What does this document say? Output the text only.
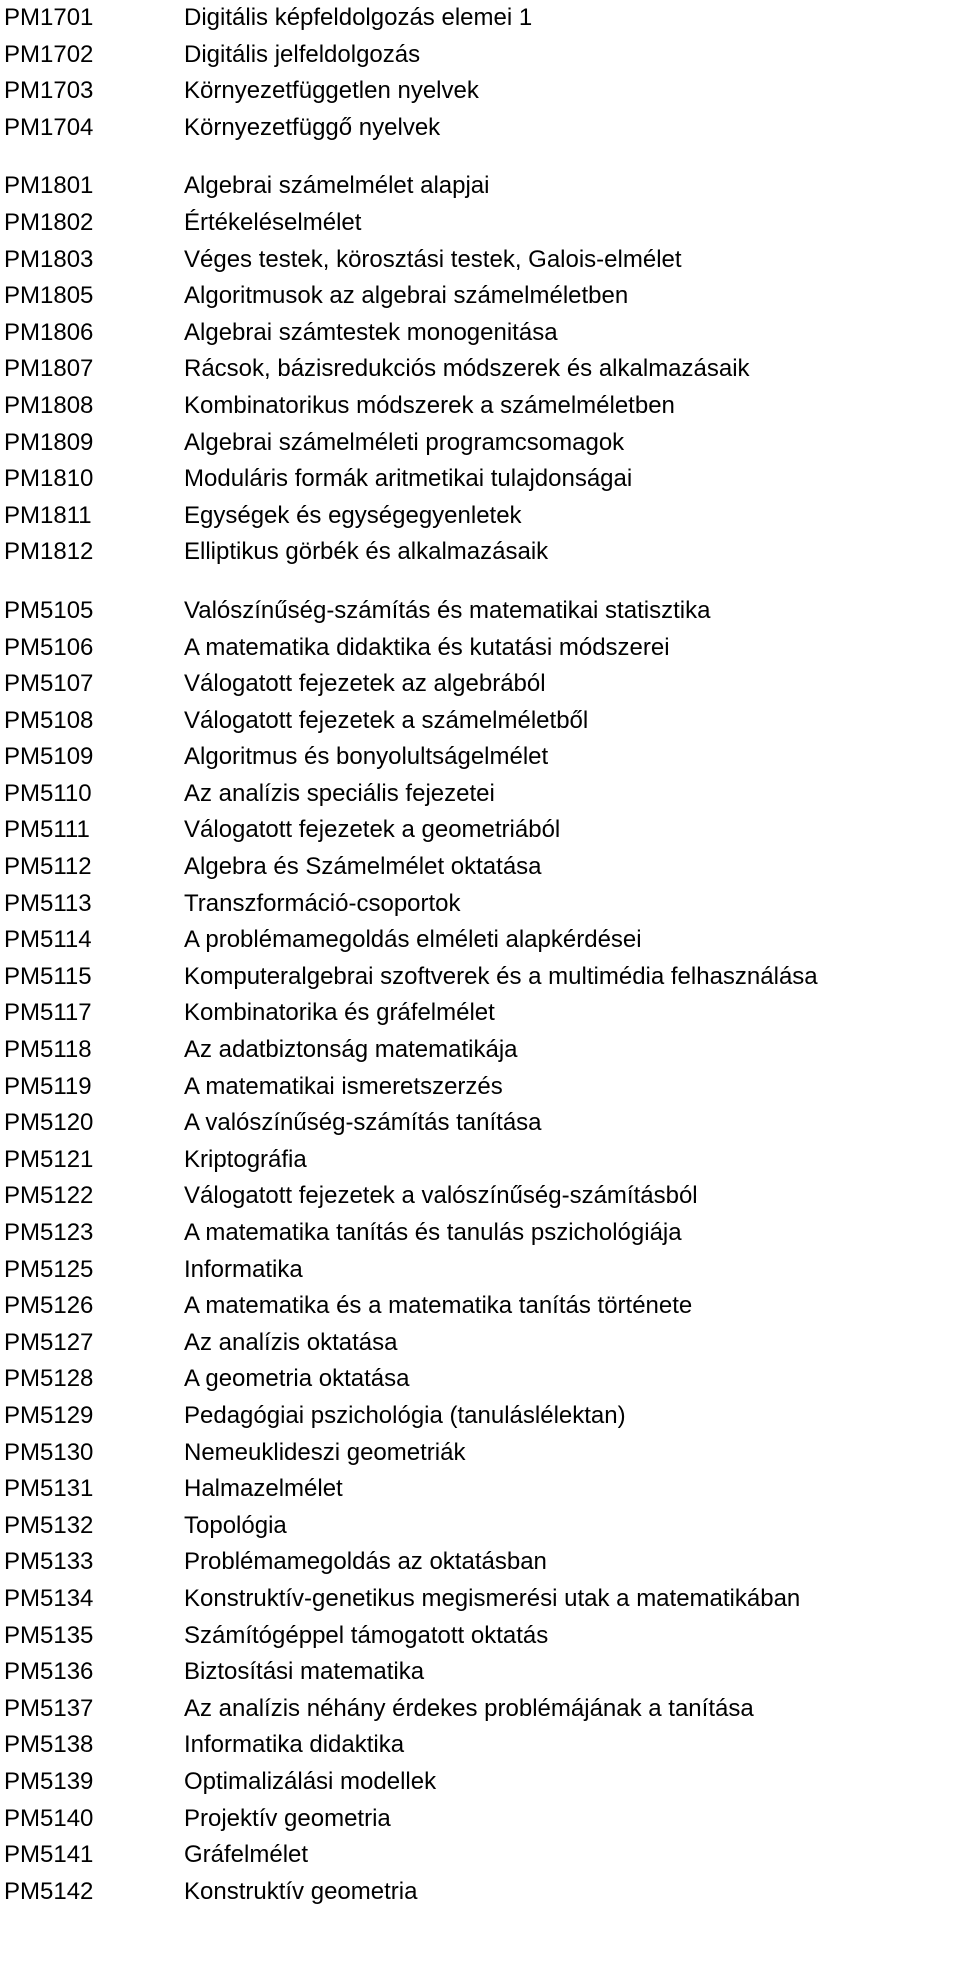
PM1701	Digitális képfeldolgozás elemei 1
PM1702	Digitális jelfeldolgozás
PM1703	Környezetfüggetlen nyelvek
PM1704	Környezetfüggő nyelvek
PM1801	Algebrai számelmélet alapjai
PM1802	Értékeléselmélet
PM1803	Véges testek, körosztási testek, Galois-elmélet
PM1805	Algoritmusok az algebrai számelméletben
PM1806	Algebrai számtestek monogenitása
PM1807	Rácsok, bázisredukciós módszerek és alkalmazásaik
PM1808	Kombinatorikus módszerek a számelméletben
PM1809	Algebrai számelméleti programcsomagok
PM1810	Moduláris formák aritmetikai tulajdonságai
PM1811	Egységek és egységegyenletek
PM1812	Elliptikus görbék és alkalmazásaik
PM5105	Valószínűség-számítás és matematikai statisztika
PM5106	A matematika didaktika és kutatási módszerei
PM5107	Válogatott fejezetek az algebrából
PM5108	Válogatott fejezetek a számelméletből
PM5109	Algoritmus és bonyolultságelmélet
PM5110	Az analízis speciális fejezetei
PM5111	Válogatott fejezetek a geometriából
PM5112	Algebra és Számelmélet oktatása
PM5113	Transzformáció-csoportok
PM5114	A problémamegoldás elméleti alapkérdései
PM5115	Komputeralgebrai szoftverek és a multimédia felhasználása
PM5117	Kombinatorika és gráfelmélet
PM5118	Az adatbiztonság matematikája
PM5119	A matematikai ismeretszerzés
PM5120	A valószínűség-számítás tanítása
PM5121	Kriptográfia
PM5122	Válogatott fejezetek a valószínűség-számításból
PM5123	A matematika tanítás és tanulás pszichológiája
PM5125	Informatika
PM5126	A matematika és a matematika tanítás története
PM5127	Az analízis oktatása
PM5128	A geometria oktatása
PM5129	Pedagógiai pszichológia (tanuláslélektan)
PM5130	Nemeuklideszi geometriák
PM5131	Halmazelmélet
PM5132	Topológia
PM5133	Problémamegoldás az oktatásban
PM5134	Konstruktív-genetikus megismerési utak a matematikában
PM5135	Számítógéppel támogatott oktatás
PM5136	Biztosítási matematika
PM5137	Az analízis néhány érdekes problémájának a tanítása
PM5138	Informatika didaktika
PM5139	Optimalizálási modellek
PM5140	Projektív geometria
PM5141	Gráfelmélet
PM5142	Konstruktív geometria
